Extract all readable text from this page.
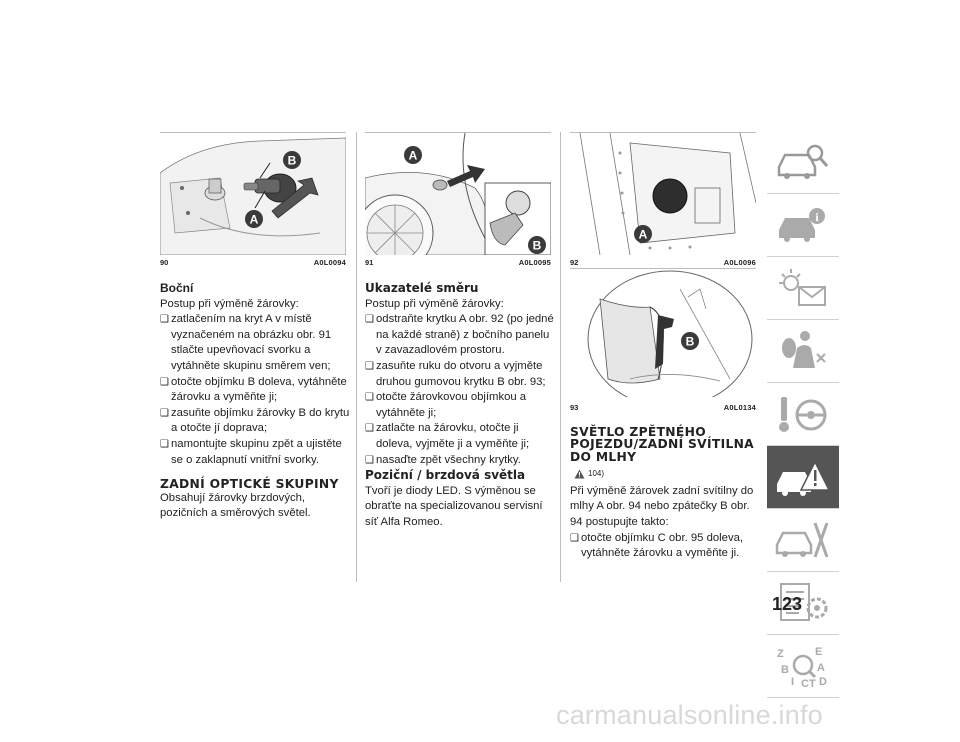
B
A
90	A0L0094

Boční

Postup při výměně žárovky:

❑ zatlačením na kryt A v místě vyznačeném na obrázku obr. 91 stlačte upevňovací svorku a vytáhněte skupinu směrem ven;

❑ otočte objímku B doleva, vytáhněte žárovku a vyměňte ji;

❑ zasuňte objímku žárovky B do krytu a otočte jí doprava;

❑ namontujte skupinu zpět a ujistěte se o zaklapnutí vnitřní svorky.

ZADNÍ OPTICKÉ SKUPINY

Obsahují žárovky brzdových, pozičních a směrových světel.

A
B
91	A0L0095

Ukazatelé směru

Postup při výměně žárovky:

❑ odstraňte krytku A obr. 92 (po jedné na každé straně) z bočního panelu v zavazadlovém prostoru.

❑ zasuňte ruku do otvoru a vyjměte druhou gumovou krytku B obr. 93;

❑ otočte žárovkovou objímkou a vytáhněte ji;

❑ zatlačte na žárovku, otočte ji doleva, vyjměte ji a vyměňte ji;

❑ nasaďte zpět všechny krytky.

Poziční / brzdová světla

Tvoří je diody LED. S výměnou se obraťte na specializovanou servisní síť Alfa Romeo.

A
92	A0L0096
B
93	A0L0134

SVĚTLO ZPĚTNÉHO POJEZDU/ZADNÍ SVÍTILNA DO MLHY

104)

Při výměně žárovek zadní svítilny do mlhy A obr. 94 nebo zpátečky B obr. 94 postupujte takto:

❑ otočte objímku C obr. 95 doleva, vytáhněte žárovku a vyměňte ji.

i
Z	E
B	A
I C D
T
123
carmanualsonline.info
